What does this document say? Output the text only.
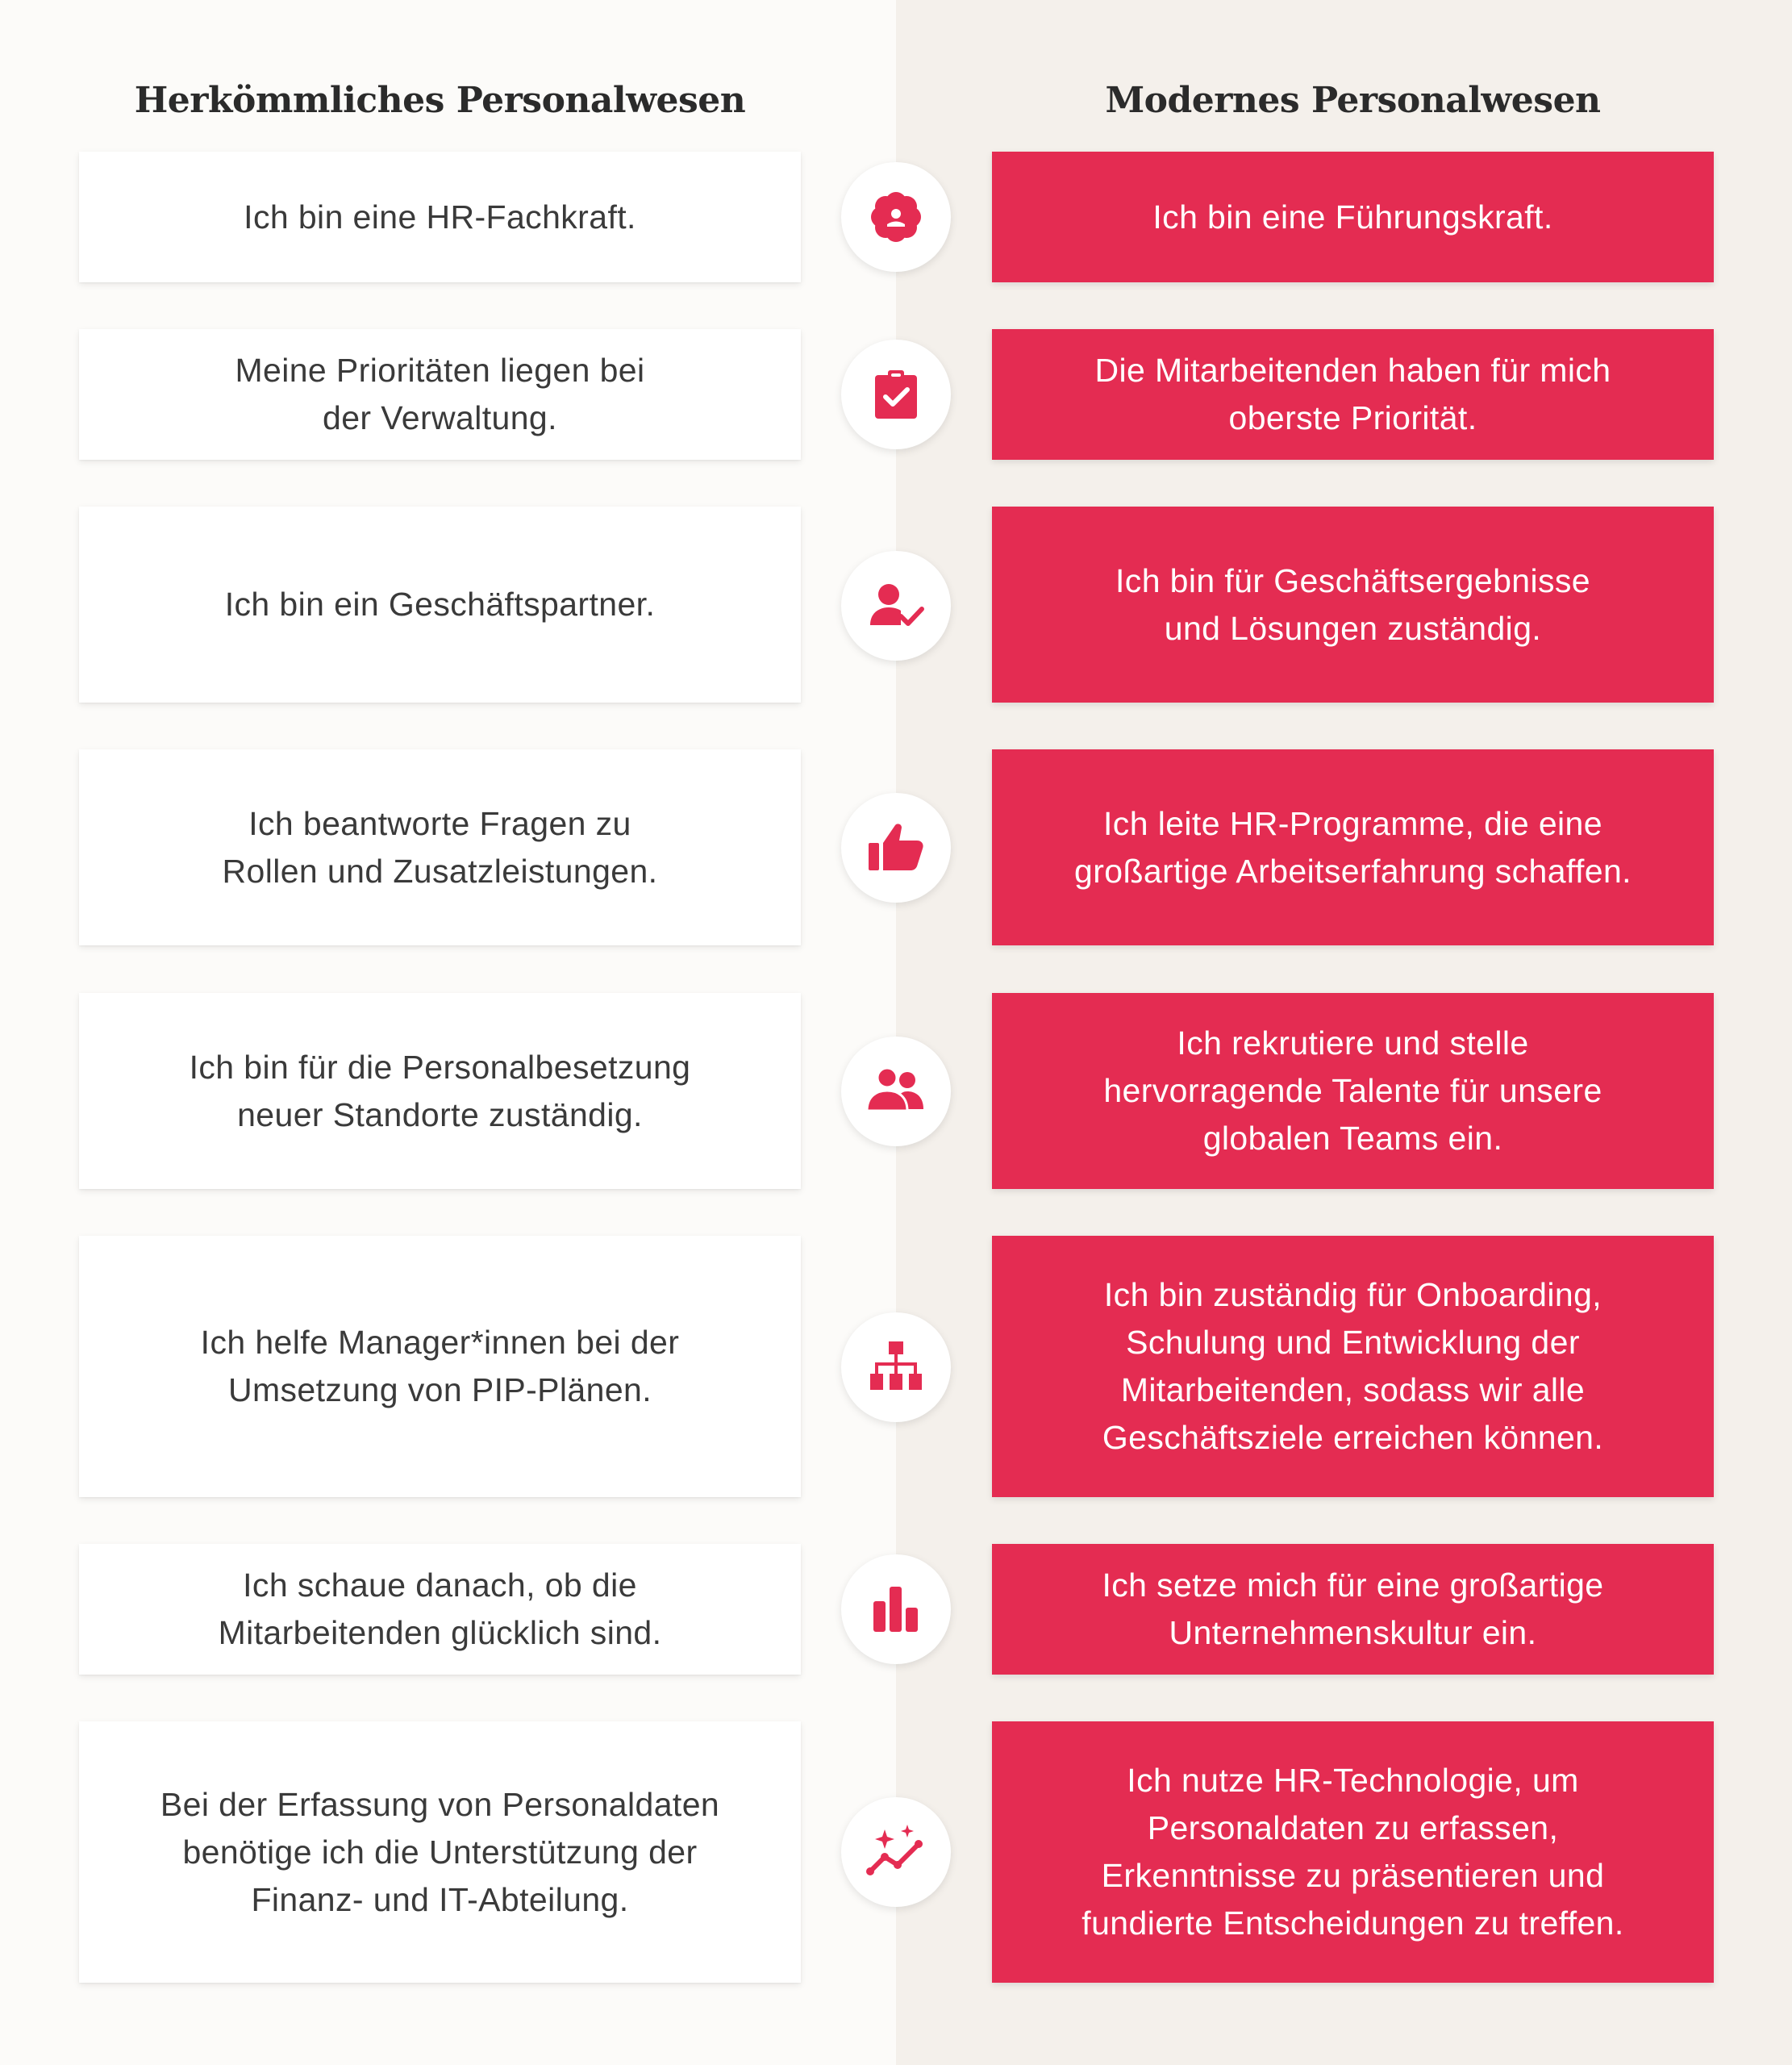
Herkömmliches Personalwesen	Modernes Personalwesen
Ich bin eine HR-Fachkraft.	Ich bin eine Führungskraft.
Meine Prioritäten liegen bei
der Verwaltung.
Die Mitarbeitenden haben für mich
oberste Priorität.
Ich bin ein Geschäftspartner.
Ich bin für Geschäftsergebnisse
und Lösungen zuständig.
Ich beantworte Fragen zu
Rollen und Zusatzleistungen.
Ich leite HR-Programme, die eine
großartige Arbeitserfahrung schaffen.
Ich bin für die Personalbesetzung
neuer Standorte zuständig.
Ich rekrutiere und stelle
hervorragende Talente für unsere
globalen Teams ein.
Ich helfe Manager*innen bei der
Umsetzung von PIP-Plänen.
Ich bin zuständig für Onboarding,
Schulung und Entwicklung der
Mitarbeitenden, sodass wir alle
Geschäftsziele erreichen können.
Ich schaue danach, ob die
Mitarbeitenden glücklich sind.
Ich setze mich für eine großartige
Unternehmenskultur ein.
Bei der Erfassung von Personaldaten
benötige ich die Unterstützung der
Finanz- und IT-Abteilung.
Ich nutze HR-Technologie, um
Personaldaten zu erfassen,
Erkenntnisse zu präsentieren und
fundierte Entscheidungen zu treffen.
